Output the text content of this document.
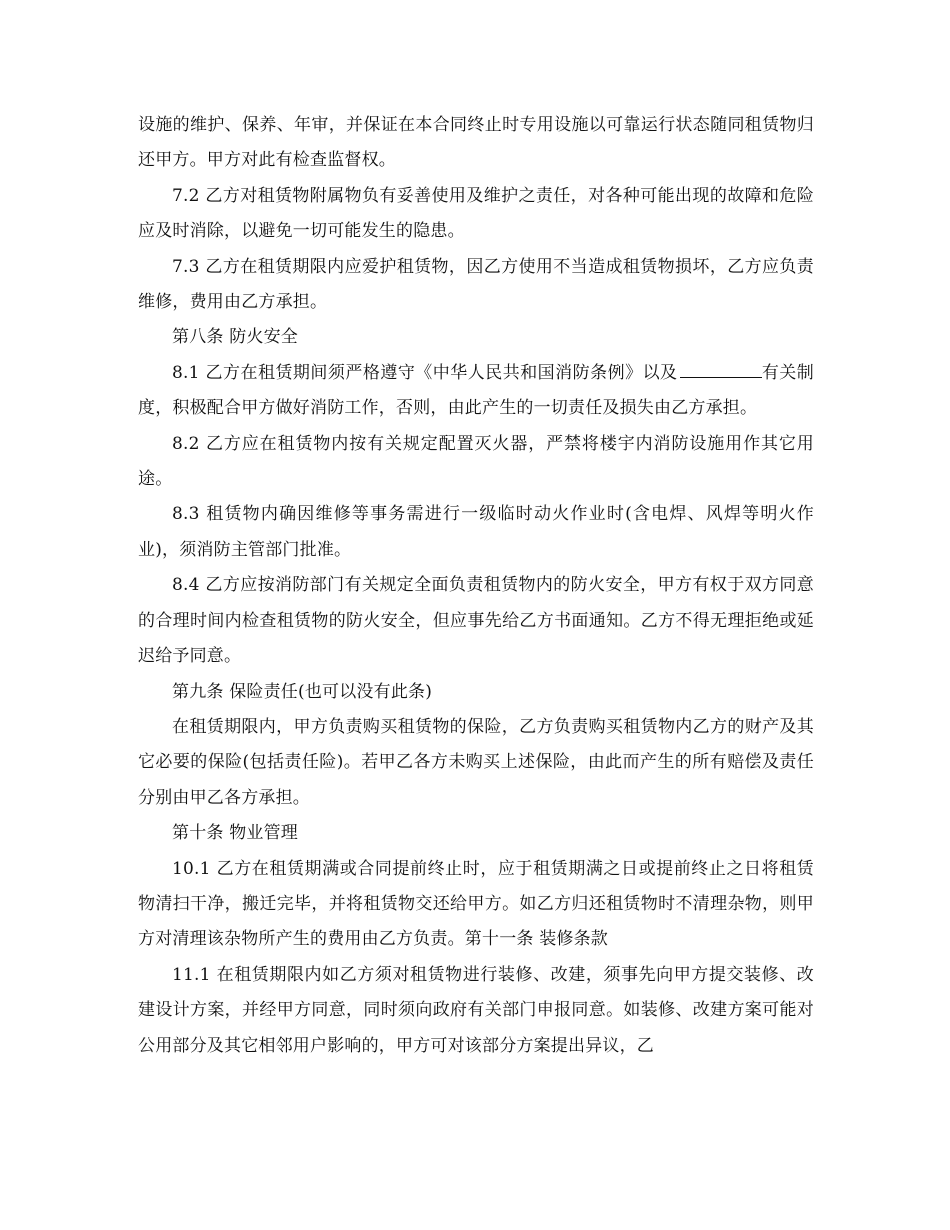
设施的维护、保养、年审，并保证在本合同终止时专用设施以可靠运行状态随同租赁物归还甲方。甲方对此有检查监督权。

7.2 乙方对租赁物附属物负有妥善使用及维护之责任，对各种可能出现的故障和危险应及时消除，以避免一切可能发生的隐患。

7.3 乙方在租赁期限内应爱护租赁物，因乙方使用不当造成租赁物损坏，乙方应负责维修，费用由乙方承担。

第八条 防火安全

8.1 乙方在租赁期间须严格遵守《中华人民共和国消防条例》以及	有关制度，积极配合甲方做好消防工作，否则，由此产生的一切责任及损失由乙方承担。

8.2 乙方应在租赁物内按有关规定配置灭火器，严禁将楼宇内消防设施用作其它用途。

8.3 租赁物内确因维修等事务需进行一级临时动火作业时(含电焊、风焊等明火作业)，须消防主管部门批准。

8.4 乙方应按消防部门有关规定全面负责租赁物内的防火安全，甲方有权于双方同意的合理时间内检查租赁物的防火安全，但应事先给乙方书面通知。乙方不得无理拒绝或延迟给予同意。

第九条 保险责任(也可以没有此条)

在租赁期限内，甲方负责购买租赁物的保险，乙方负责购买租赁物内乙方的财产及其它必要的保险(包括责任险)。若甲乙各方未购买上述保险，由此而产生的所有赔偿及责任分别由甲乙各方承担。

第十条 物业管理

10.1 乙方在租赁期满或合同提前终止时，应于租赁期满之日或提前终止之日将租赁物清扫干净，搬迁完毕，并将租赁物交还给甲方。如乙方归还租赁物时不清理杂物，则甲方对清理该杂物所产生的费用由乙方负责。第十一条 装修条款

11.1 在租赁期限内如乙方须对租赁物进行装修、改建，须事先向甲方提交装修、改建设计方案，并经甲方同意，同时须向政府有关部门申报同意。如装修、改建方案可能对公用部分及其它相邻用户影响的，甲方可对该部分方案提出异议，乙
